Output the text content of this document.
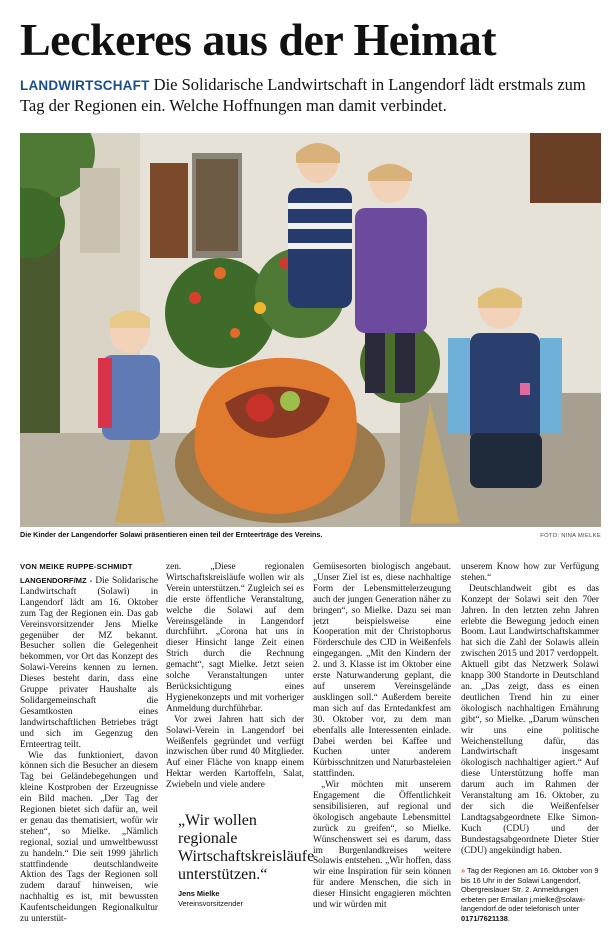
Leckeres aus der Heimat

LANDWIRTSCHAFT Die Solidarische Landwirtschaft in Langendorf lädt erstmals zum Tag der Regionen ein. Welche Hoffnungen man damit verbindet.

Die Kinder der Langendorfer Solawi präsentieren einen teil der Ernteerträge des Vereins.	FOTO: NINA MIELKE
VON MEIKE RUPPE-SCHMIDT

LANGENDORF/MZ - Die Solidarische Landwirtschaft (Solawi) in Langendorf lädt am 16. Oktober zum Tag der Regionen ein. Das gab Vereinsvorsitzender Jens Mielke gegenüber der MZ bekannt. Besucher sollen die Gelegenheit bekommen, vor Ort das Konzept des Solawi-Vereins kennen zu lernen. Dieses besteht darin, dass eine Gruppe privater Haushalte als Solidargemeinschaft die Gesamtkosten eines landwirtschaftlichen Betriebes trägt und sich im Gegenzug den Ernteertrag teilt.

Wie das funktioniert, davon können sich die Besucher an diesem Tag bei Geländebegehungen und kleine Kostproben der Erzeugnisse ein Bild machen. „Der Tag der Regionen bietet sich dafür an, weil er genau das thematisiert, wofür wir stehen“, so Mielke. „Nämlich regional, sozial und umweltbewusst zu handeln.“ Die seit 1999 jährlich stattfindende deutschlandweite Aktion des Tags der Regionen soll zudem darauf hinweisen, wie nachhaltig es ist, mit bewussten Kaufentscheidungen Regionalkultur zu unterstüt-

zen. „Diese regionalen Wirtschaftskreisläufe wollen wir als Verein unterstützen.“ Zugleich sei es die erste öffentliche Veranstaltung, welche die Solawi auf dem Vereinsgelände in Langendorf durchführt. „Corona hat uns in dieser Hinsicht lange Zeit einen Strich durch die Rechnung gemacht“, sagt Mielke. Jetzt seien solche Veranstaltungen unter Berücksichtigung eines Hygienekonzepts und mit vorheriger Anmeldung durchführbar.

Vor zwei Jahren hatt sich der Solawi-Verein in Langendorf bei Weißenfels gegründet und verfügt inzwischen über rund 40 Mitglieder. Auf einer Fläche von knapp einem Hektar werden Kartoffeln, Salat, Zwiebeln und viele andere

„Wir wollen regionale Wirtschaftskreisläufe unterstützen.“

Jens Mielke

Vereinsvorsitzender

Gemüsesorten biologisch angebaut. „Unser Ziel ist es, diese nachhaltige Form der Lebensmittelerzeugung auch der jungen Generation näher zu bringen“, so Mielke. Dazu sei man jetzt beispielsweise eine Kooperation mit der Christophorus Förderschule des CJD in Weißenfels eingegangen. „Mit den Kindern der 2. und 3. Klasse ist im Oktober eine erste Naturwanderung geplant, die auf unserem Vereinsgelände ausklingen soll.“ Außerdem bereite man sich auf das Erntedankfest am 30. Oktober vor, zu dem man ebenfalls alle Interessenten einlade. Dabei werden bei Kaffee und Kuchen unter anderem Kürbisschnitzen und Naturbasteleien stattfinden.

„Wir möchten mit unserem Engagement die Öffentlichkeit sensibilisieren, auf regional und ökologisch angebaute Lebensmittel zurück zu greifen“, so Mielke. Wünschenswert sei es darum, dass im Burgenlandkreises weitere Solawis entstehen. „Wir hoffen, dass wir eine Inspiration für sein können für andere Menschen, die sich in dieser Hinsicht engagieren möchten und wir würden mit

unserem Know how zur Verfügung stehen.“

Deutschlandweit gibt es das Konzept der Solawi seit den 70er Jahren. In den letzten zehn Jahren erlebte die Bewegung jedoch einen Boom. Laut Landwirtschaftskammer hat sich die Zahl der Solawis allein zwischen 2015 und 2017 verdoppelt. Aktuell gibt das Netzwerk Solawi knapp 300 Standorte in Deutschland an. „Das zeigt, dass es einen deutlichen Trend hin zu einer ökologisch nachhaltigen Ernährung gibt“, so Mielke. „Darum wünschen wir uns eine politische Weichenstellung dafür, das Landwirtschaft insgesamt ökologisch nachhaltiger agiert.“ Auf diese Unterstützung hoffe man darum auch im Rahmen der Veranstaltung am 16. Oktober, zu der sich die Weißenfelser Landtagsabgeordnete Elke Simon-Kuch (CDU) und der Bundestagsabgeordnete Dieter Stier (CDU) angekündigt haben.

» Tag der Regionen am 16. Oktober von 9 bis 16 Uhr in der Solawi Langendorf, Obergreislauer Str. 2. Anmeldungen erbeten per Emailan j.mielke@solawi-langendorf.de oder telefonisch unter 0171/7621138.
